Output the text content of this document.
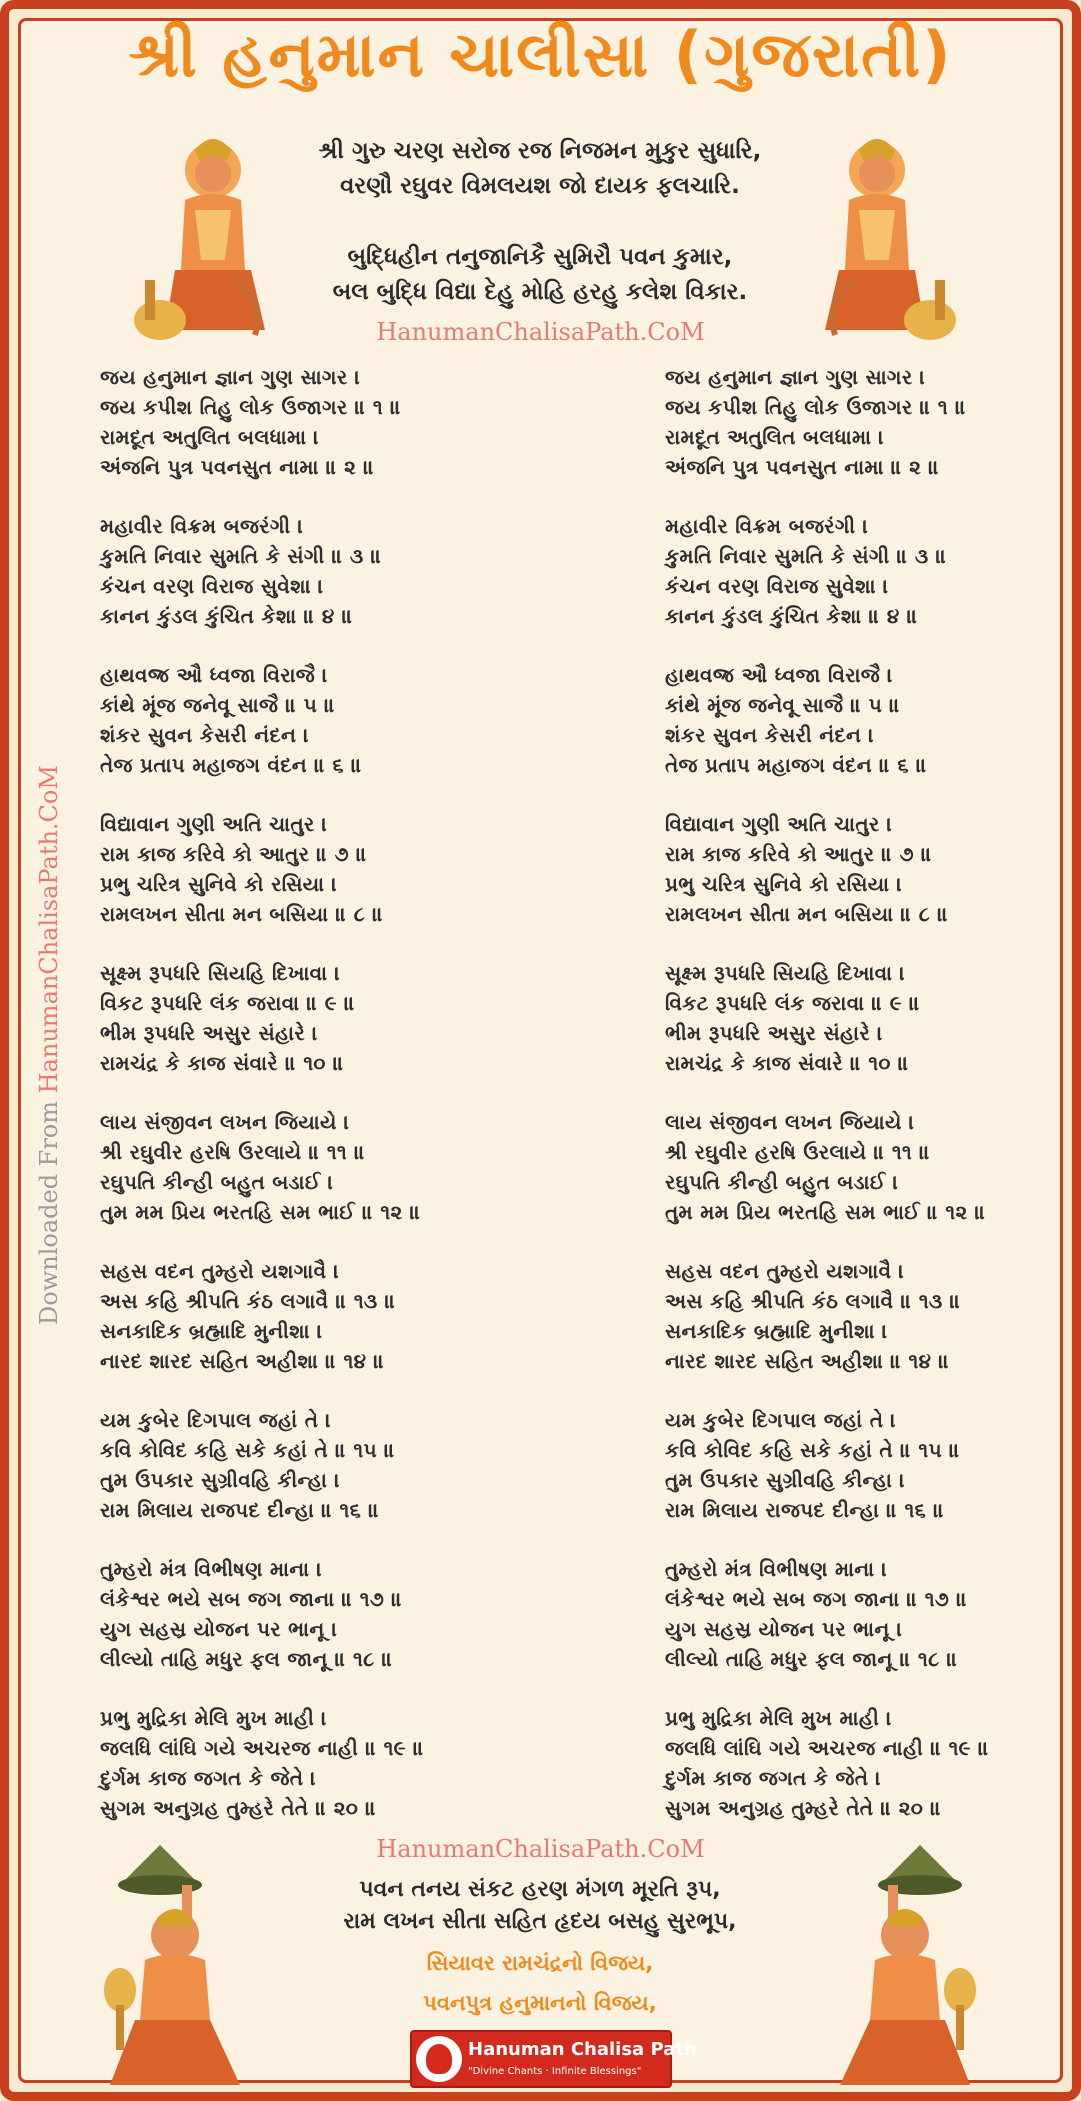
શ્રી હનુમાન ચાલીસા (ગુજરાતી)
શ્રી ગુરુ ચરણ સરોજ રજ નિજમન મુકુર સુધારિ,
વરણૌ રઘુવર વિમલયશ જો દાયક ફલચારિ.
બુદ્ધિહીન તનુજાનિકૈ સુમિરૌ પવન કુમાર,
બલ બુદ્ધિ વિદ્યા દેહુ મોહિ હરહુ કલેશ વિકાર.
HanumanChalisaPath.CoM
Downloaded From HanumanChalisaPath.CoM
જય હનુમાન જ્ઞાન ગુણ સાગર ।
જય કપીશ તિહુ લોક ઉજાગર ॥ ૧ ॥
રામદૂત અતુલિત બલધામા ।
અંજનિ પુત્ર પવનસુત નામા ॥ ૨ ॥
મહાવીર વિક્રમ બજરંગી ।
કુમતિ નિવાર સુમતિ કે સંગી ॥ ૩ ॥
કંચન વરણ વિરાજ સુવેશા ।
કાનન કુંડલ કુંચિત કેશા ॥ ૪ ॥
હાથવજ્ર ઔ ધ્વજા વિરાજૈ ।
કાંથે મૂંજ જનેવૂ સાજૈ ॥ ૫ ॥
શંકર સુવન કેસરી નંદન ।
તેજ પ્રતાપ મહાજગ વંદન ॥ ૬ ॥
વિદ્યાવાન ગુણી અતિ ચાતુર ।
રામ કાજ કરિવે કો આતુર ॥ ૭ ॥
પ્રભુ ચરિત્ર સુનિવે કો રસિયા ।
રામલખન સીતા મન બસિયા ॥ ૮ ॥
સૂક્ષ્મ રૂપધરિ સિયહિ દિખાવા ।
વિકટ રૂપધરિ લંક જરાવા ॥ ૯ ॥
ભીમ રૂપધરિ અસુર સંહારે ।
રામચંદ્ર કે કાજ સંવારે ॥ ૧૦ ॥
લાય સંજીવન લખન જિયાયે ।
શ્રી રઘુવીર હરષિ ઉરલાયે ॥ ૧૧ ॥
રઘુપતિ કીન્હી બહુત બડાઈ ।
તુમ મમ પ્રિય ભરતહિ સમ ભાઈ ॥ ૧૨ ॥
સહસ વદન તુમ્હરો યશગાવૈ ।
અસ કહિ શ્રીપતિ કંઠ લગાવૈ ॥ ૧૩ ॥
સનકાદિક બ્રહ્માદિ મુનીશા ।
નારદ શારદ સહિત અહીશા ॥ ૧૪ ॥
યમ કુબેર દિગપાલ જહાં તે ।
કવિ કોવિદ કહિ સકે કહાં તે ॥ ૧૫ ॥
તુમ ઉપકાર સુગ્રીવહિ કીન્હા ।
રામ મિલાય રાજપદ દીન્હા ॥ ૧૬ ॥
તુમ્હરો મંત્ર વિભીષણ માના ।
લંકેશ્વર ભયે સબ જગ જાના ॥ ૧૭ ॥
યુગ સહસ્ર યોજન પર ભાનૂ ।
લીલ્યો તાહિ મધુર ફલ જાનૂ ॥ ૧૮ ॥
પ્રભુ મુદ્રિકા મેલિ મુખ માહી ।
જલધિ લાંઘિ ગયે અચરજ નાહી ॥ ૧૯ ॥
દુર્ગમ કાજ જગત કે જેતે ।
સુગમ અનુગ્રહ તુમ્હરે તેતે ॥ ૨૦ ॥
જય હનુમાન જ્ઞાન ગુણ સાગર ।
જય કપીશ તિહુ લોક ઉજાગર ॥ ૧ ॥
રામદૂત અતુલિત બલધામા ।
અંજનિ પુત્ર પવનસુત નામા ॥ ૨ ॥
મહાવીર વિક્રમ બજરંગી ।
કુમતિ નિવાર સુમતિ કે સંગી ॥ ૩ ॥
કંચન વરણ વિરાજ સુવેશા ।
કાનન કુંડલ કુંચિત કેશા ॥ ૪ ॥
હાથવજ્ર ઔ ધ્વજા વિરાજૈ ।
કાંથે મૂંજ જનેવૂ સાજૈ ॥ ૫ ॥
શંકર સુવન કેસરી નંદન ।
તેજ પ્રતાપ મહાજગ વંદન ॥ ૬ ॥
વિદ્યાવાન ગુણી અતિ ચાતુર ।
રામ કાજ કરિવે કો આતુર ॥ ૭ ॥
પ્રભુ ચરિત્ર સુનિવે કો રસિયા ।
રામલખન સીતા મન બસિયા ॥ ૮ ॥
સૂક્ષ્મ રૂપધરિ સિયહિ દિખાવા ।
વિકટ રૂપધરિ લંક જરાવા ॥ ૯ ॥
ભીમ રૂપધરિ અસુર સંહારે ।
રામચંદ્ર કે કાજ સંવારે ॥ ૧૦ ॥
લાય સંજીવન લખન જિયાયે ।
શ્રી રઘુવીર હરષિ ઉરલાયે ॥ ૧૧ ॥
રઘુપતિ કીન્હી બહુત બડાઈ ।
તુમ મમ પ્રિય ભરતહિ સમ ભાઈ ॥ ૧૨ ॥
સહસ વદન તુમ્હરો યશગાવૈ ।
અસ કહિ શ્રીપતિ કંઠ લગાવૈ ॥ ૧૩ ॥
સનકાદિક બ્રહ્માદિ મુનીશા ।
નારદ શારદ સહિત અહીશા ॥ ૧૪ ॥
યમ કુબેર દિગપાલ જહાં તે ।
કવિ કોવિદ કહિ સકે કહાં તે ॥ ૧૫ ॥
તુમ ઉપકાર સુગ્રીવહિ કીન્હા ।
રામ મિલાય રાજપદ દીન્હા ॥ ૧૬ ॥
તુમ્હરો મંત્ર વિભીષણ માના ।
લંકેશ્વર ભયે સબ જગ જાના ॥ ૧૭ ॥
યુગ સહસ્ર યોજન પર ભાનૂ ।
લીલ્યો તાહિ મધુર ફલ જાનૂ ॥ ૧૮ ॥
પ્રભુ મુદ્રિકા મેલિ મુખ માહી ।
જલધિ લાંઘિ ગયે અચરજ નાહી ॥ ૧૯ ॥
દુર્ગમ કાજ જગત કે જેતે ।
સુગમ અનુગ્રહ તુમ્હરે તેતે ॥ ૨૦ ॥
HanumanChalisaPath.CoM
પવન તનય સંકટ હરણ મંગળ મૂરતિ રૂપ,
રામ લખન સીતા સહિત હૃદય બસહુ સુરભૂપ,
સિયાવર રામચંદ્રનો વિજય,
પવનપુત્ર હનુમાનનો વિજય,
Hanuman Chalisa Path
"Divine Chants · Infinite Blessings"
